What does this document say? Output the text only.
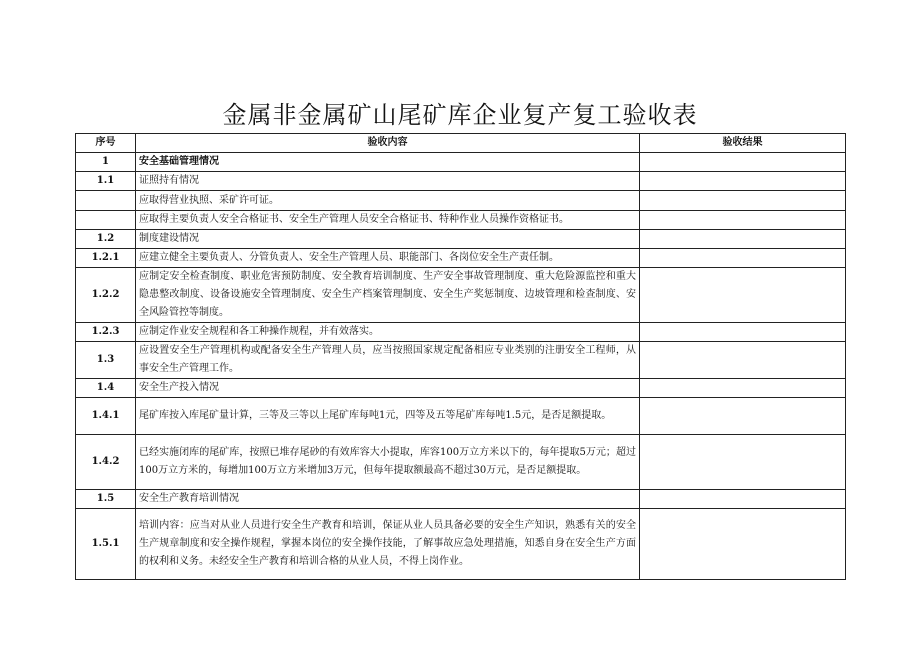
金属非金属矿山尾矿库企业复产复工验收表
序号	验收内容	验收结果
1	安全基础管理情况	
1.1	证照持有情况	
	应取得营业执照、采矿许可证。	
	应取得主要负责人安全合格证书、安全生产管理人员安全合格证书、特种作业人员操作资格证书。	
1.2	制度建设情况	
1.2.1	应建立健全主要负责人、分管负责人、安全生产管理人员、职能部门、各岗位安全生产责任制。	
1.2.2	应制定安全检查制度、职业危害预防制度、安全教育培训制度、生产安全事故管理制度、重大危险源监控和重大隐患整改制度、设备设施安全管理制度、安全生产档案管理制度、安全生产奖惩制度、边坡管理和检查制度、安全风险管控等制度。	
1.2.3	应制定作业安全规程和各工种操作规程，并有效落实。	
1.3	应设置安全生产管理机构或配备安全生产管理人员，应当按照国家规定配备相应专业类别的注册安全工程师，从事安全生产管理工作。	
1.4	安全生产投入情况	
1.4.1	尾矿库按入库尾矿量计算，三等及三等以上尾矿库每吨1元，四等及五等尾矿库每吨1.5元，是否足额提取。	
1.4.2	已经实施闭库的尾矿库，按照已堆存尾砂的有效库容大小提取，库容100万立方米以下的，每年提取5万元；超过100万立方米的，每增加100万立方米增加3万元，但每年提取额最高不超过30万元，是否足额提取。	
1.5	安全生产教育培训情况	
1.5.1	培训内容：应当对从业人员进行安全生产教育和培训，保证从业人员具备必要的安全生产知识，熟悉有关的安全生产规章制度和安全操作规程，掌握本岗位的安全操作技能，了解事故应急处理措施，知悉自身在安全生产方面的权利和义务。未经安全生产教育和培训合格的从业人员，不得上岗作业。	
